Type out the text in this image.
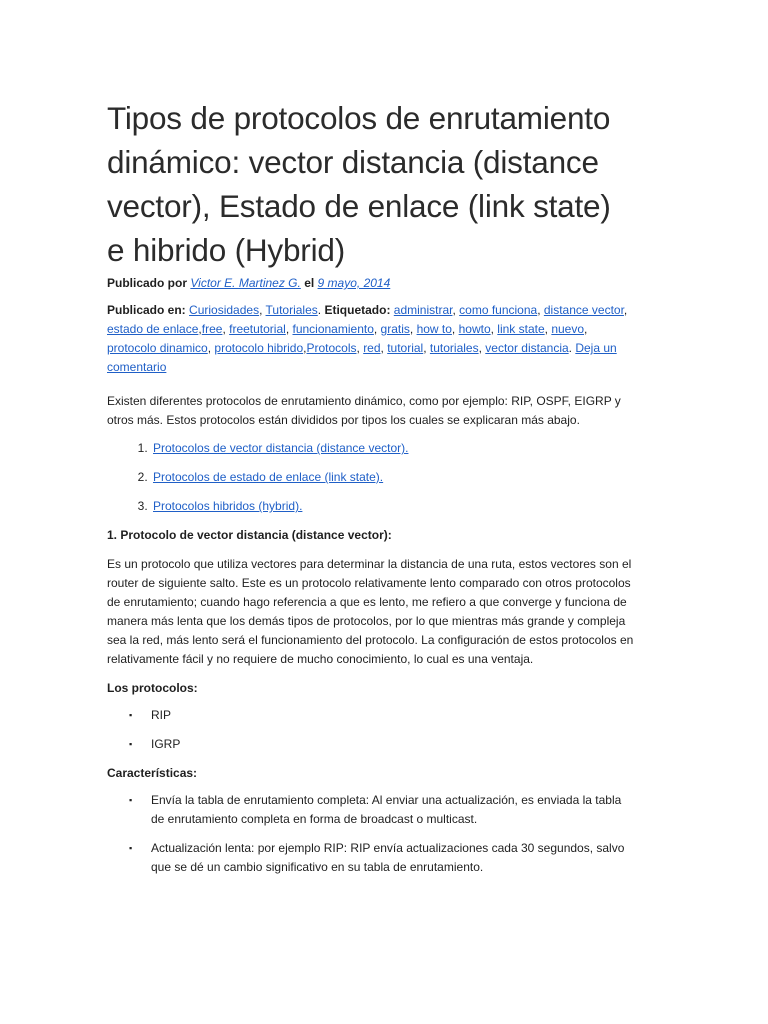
Tipos de protocolos de enrutamiento dinámico: vector distancia (distance vector), Estado de enlace (link state) e hibrido (Hybrid)
Publicado por Victor E. Martinez G. el 9 mayo, 2014
Publicado en: Curiosidades, Tutoriales. Etiquetado: administrar, como funciona, distance vector, estado de enlace,free, freetutorial, funcionamiento, gratis, how to, howto, link state, nuevo, protocolo dinamico, protocolo hibrido,Protocols, red, tutorial, tutoriales, vector distancia. Deja un comentario

Existen diferentes protocolos de enrutamiento dinámico, como por ejemplo: RIP, OSPF, EIGRP y otros más. Estos protocolos están divididos por tipos los cuales se explicaran más abajo.

1. Protocolos de vector distancia (distance vector).
2. Protocolos de estado de enlace (link state).
3. Protocolos hibridos (hybrid).

1. Protocolo de vector distancia (distance vector):

Es un protocolo que utiliza vectores para determinar la distancia de una ruta, estos vectores son el router de siguiente salto. Este es un protocolo relativamente lento comparado con otros protocolos de enrutamiento; cuando hago referencia a que es lento, me refiero a que converge y funciona de manera más lenta que los demás tipos de protocolos, por lo que mientras más grande y compleja sea la red, más lento será el funcionamiento del protocolo. La configuración de estos protocolos en relativamente fácil y no requiere de mucho conocimiento, lo cual es una ventaja.

Los protocolos:

▪ RIP
▪ IGRP

Características:

▪ Envía la tabla de enrutamiento completa: Al enviar una actualización, es enviada la tabla de enrutamiento completa en forma de broadcast o multicast.
▪ Actualización lenta: por ejemplo RIP: RIP envía actualizaciones cada 30 segundos, salvo que se dé un cambio significativo en su tabla de enrutamiento.
